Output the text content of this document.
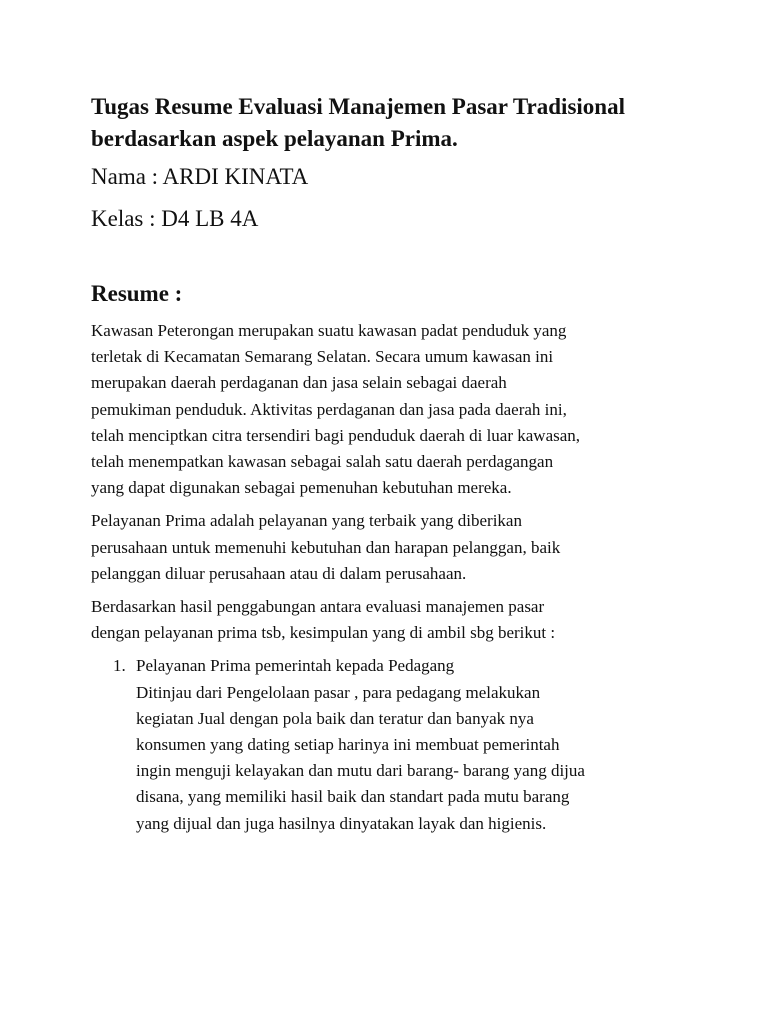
Tugas Resume Evaluasi Manajemen Pasar Tradisional
berdasarkan aspek pelayanan Prima.

Nama : ARDI KINATA

Kelas : D4 LB 4A

Resume :

Kawasan Peterongan merupakan suatu kawasan padat penduduk yang
terletak di Kecamatan Semarang Selatan. Secara umum kawasan ini
merupakan daerah perdaganan dan jasa selain sebagai daerah
pemukiman penduduk. Aktivitas perdaganan dan jasa pada daerah ini,
telah menciptkan citra tersendiri bagi penduduk daerah di luar kawasan,
telah menempatkan kawasan sebagai salah satu daerah perdagangan
yang dapat digunakan sebagai pemenuhan kebutuhan mereka.

Pelayanan Prima adalah pelayanan yang terbaik yang diberikan
perusahaan untuk memenuhi kebutuhan dan harapan pelanggan, baik
pelanggan diluar perusahaan atau di dalam perusahaan.

Berdasarkan hasil penggabungan antara evaluasi manajemen pasar
dengan pelayanan prima tsb, kesimpulan yang di ambil sbg berikut :

1. Pelayanan Prima pemerintah kepada Pedagang
Ditinjau dari Pengelolaan pasar , para pedagang melakukan
kegiatan Jual dengan pola baik dan teratur dan banyak nya
konsumen yang dating setiap harinya ini membuat pemerintah
ingin menguji kelayakan dan mutu dari barang- barang yang dijua
disana, yang memiliki hasil baik dan standart pada mutu barang
yang dijual dan juga hasilnya dinyatakan layak dan higienis.
